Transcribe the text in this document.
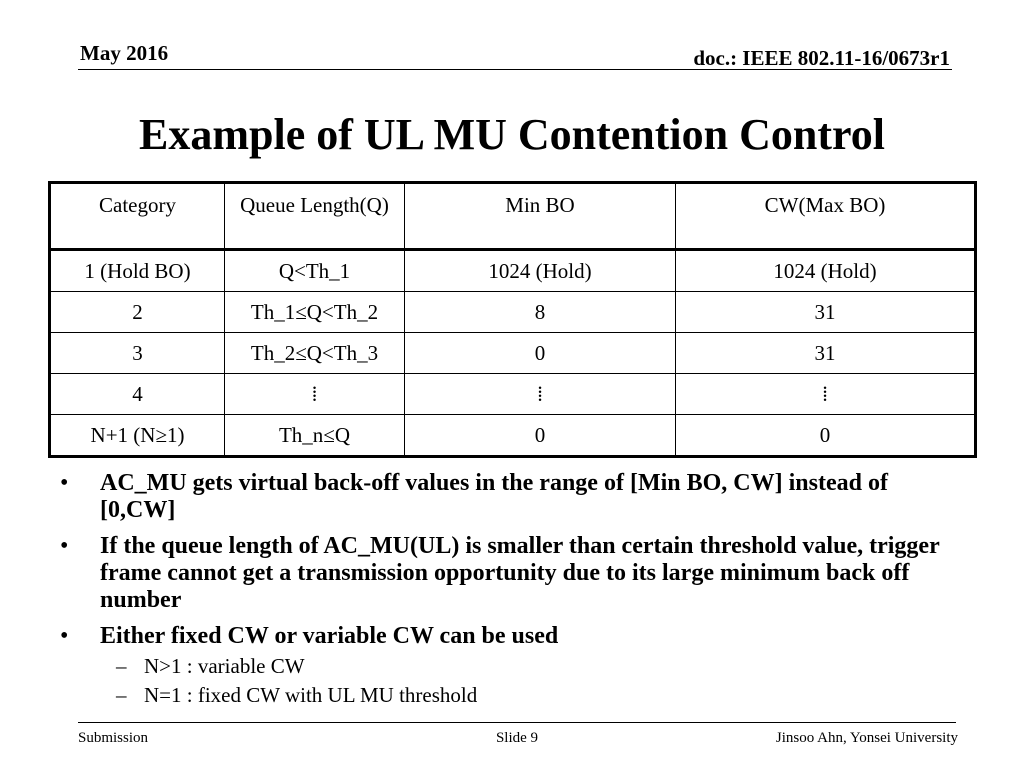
May 2016	doc.: IEEE 802.11-16/0673r1
Example of UL MU Contention Control
Category	Queue Length(Q)	Min BO	CW(Max BO)
1 (Hold BO)	Q<Th_1	1024 (Hold)	1024 (Hold)
2	Th_1≤Q<Th_2	8	31
3	Th_2≤Q<Th_3	0	31
4	⁞	⁞	⁞
N+1 (N≥1)	Th_n≤Q	0	0
• AC_MU gets virtual back-off values in the range of [Min BO, CW] instead of [0,CW]
• If the queue length of AC_MU(UL) is smaller than certain threshold value, trigger frame cannot get a transmission opportunity due to its large minimum back off number
• Either fixed CW or variable CW can be used
– N>1 : variable CW
– N=1 : fixed CW with UL MU threshold
Submission	Slide 9	Jinsoo Ahn, Yonsei University
